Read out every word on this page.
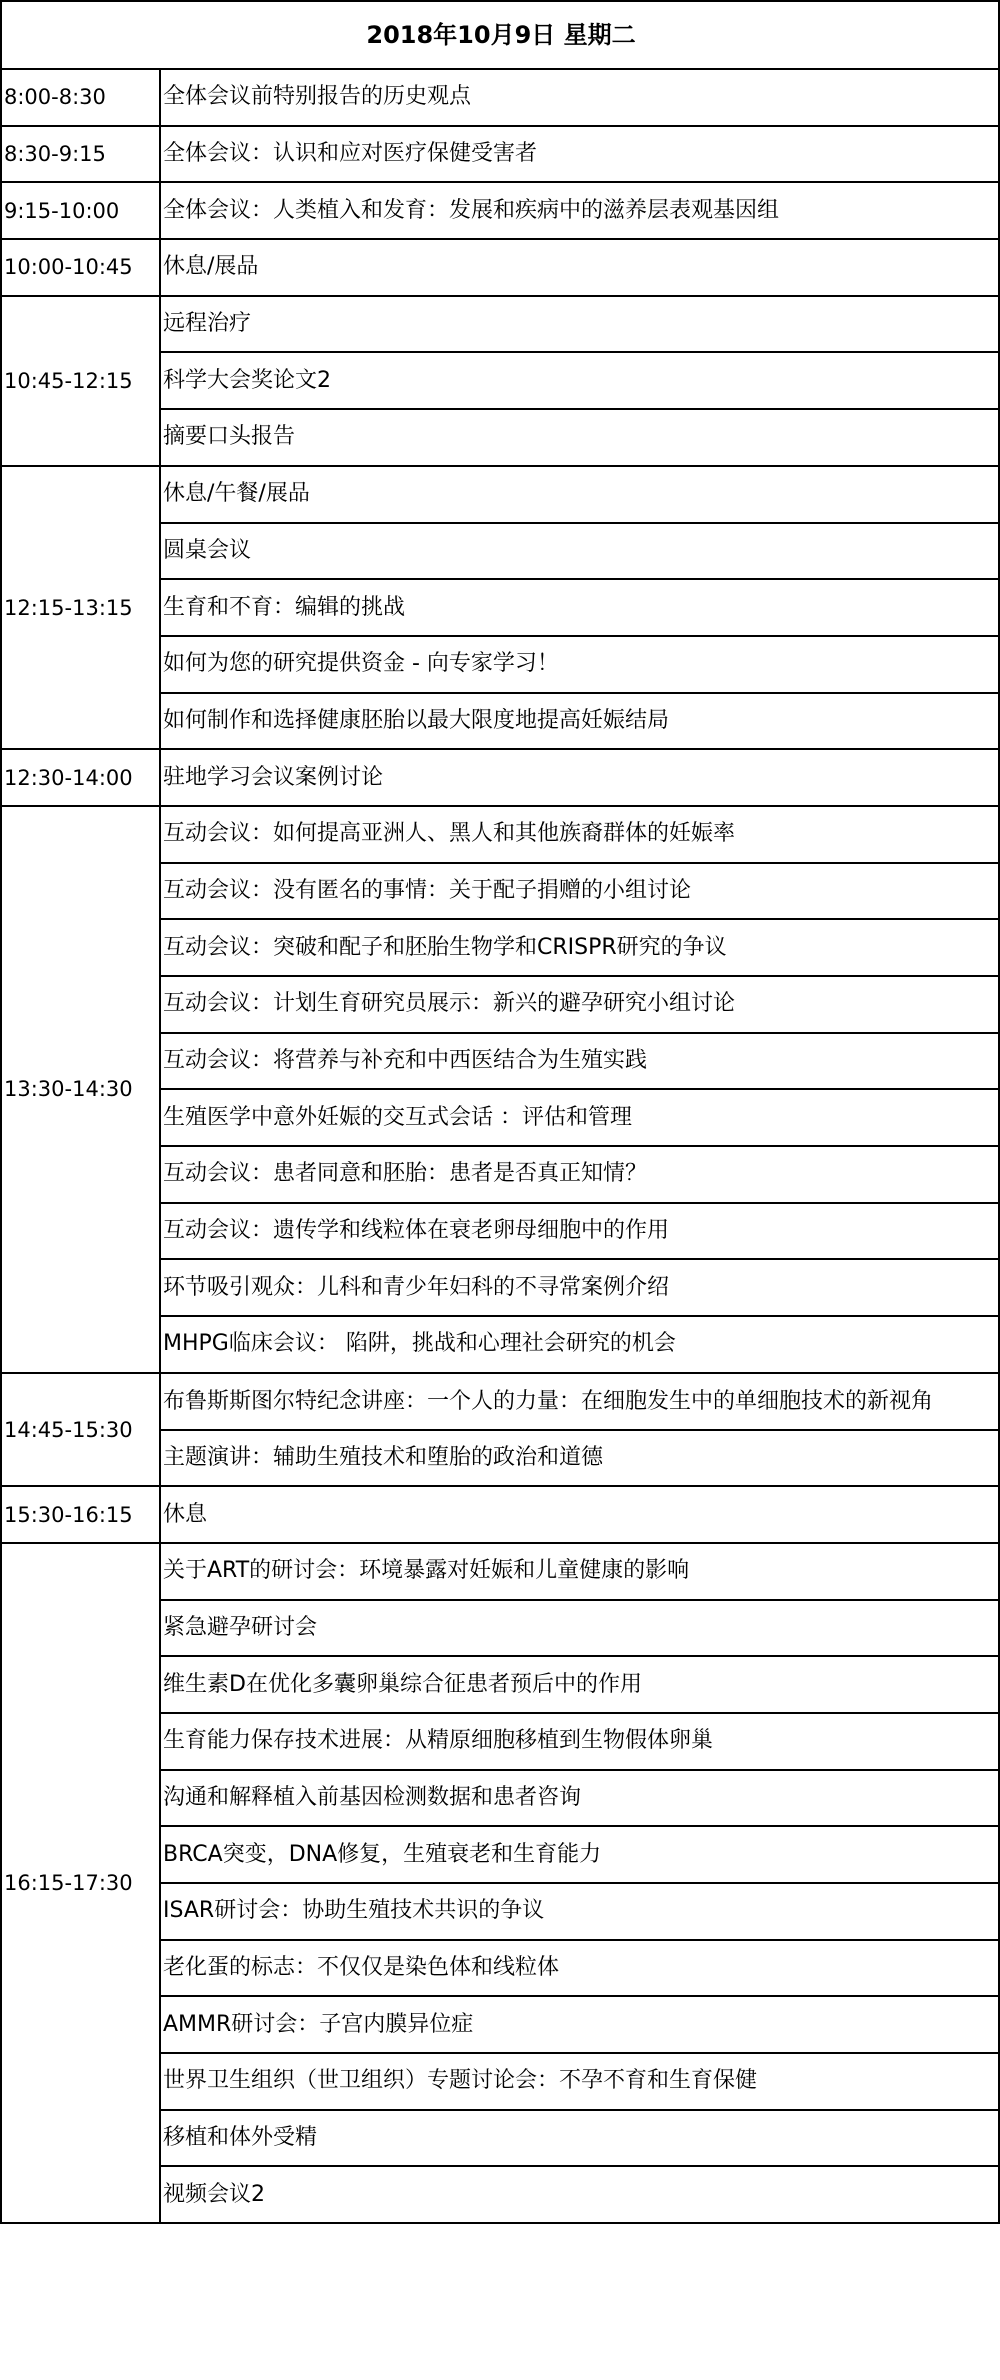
2018年10月9日 星期二	
8:00-8:30	全体会议前特别报告的历史观点
8:30-9:15	全体会议：认识和应对医疗保健受害者
9:15-10:00	全体会议：人类植入和发育：发展和疾病中的滋养层表观基因组
10:00-10:45	休息/展品
10:45-12:15	远程治疗
	科学大会奖论文2
	摘要口头报告
12:15-13:15	休息/午餐/展品
	圆桌会议
	生育和不育：编辑的挑战
	如何为您的研究提供资金 - 向专家学习！
	如何制作和选择健康胚胎以最大限度地提高妊娠结局
12:30-14:00	驻地学习会议案例讨论
13:30-14:30	互动会议：如何提高亚洲人、黑人和其他族裔群体的妊娠率
	互动会议：没有匿名的事情：关于配子捐赠的小组讨论
	互动会议：突破和配子和胚胎生物学和CRISPR研究的争议
	互动会议：计划生育研究员展示：新兴的避孕研究小组讨论
	互动会议：将营养与补充和中西医结合为生殖实践
	生殖医学中意外妊娠的交互式会话 ：评估和管理
	互动会议：患者同意和胚胎：患者是否真正知情？
	互动会议：遗传学和线粒体在衰老卵母细胞中的作用
	环节吸引观众：儿科和青少年妇科的不寻常案例介绍
	MHPG临床会议： 陷阱，挑战和心理社会研究的机会
14:45-15:30	布鲁斯斯图尔特纪念讲座：一个人的力量：在细胞发生中的单细胞技术的新视角
	主题演讲：辅助生殖技术和堕胎的政治和道德
15:30-16:15	休息
16:15-17:30	关于ART的研讨会：环境暴露对妊娠和儿童健康的影响
	紧急避孕研讨会
	维生素D在优化多囊卵巢综合征患者预后中的作用
	生育能力保存技术进展：从精原细胞移植到生物假体卵巢
	沟通和解释植入前基因检测数据和患者咨询
	BRCA突变，DNA修复，生殖衰老和生育能力
	ISAR研讨会：协助生殖技术共识的争议
	老化蛋的标志：不仅仅是染色体和线粒体
	AMMR研讨会：子宫内膜异位症
	世界卫生组织（世卫组织）专题讨论会：不孕不育和生育保健
	移植和体外受精
	视频会议2
